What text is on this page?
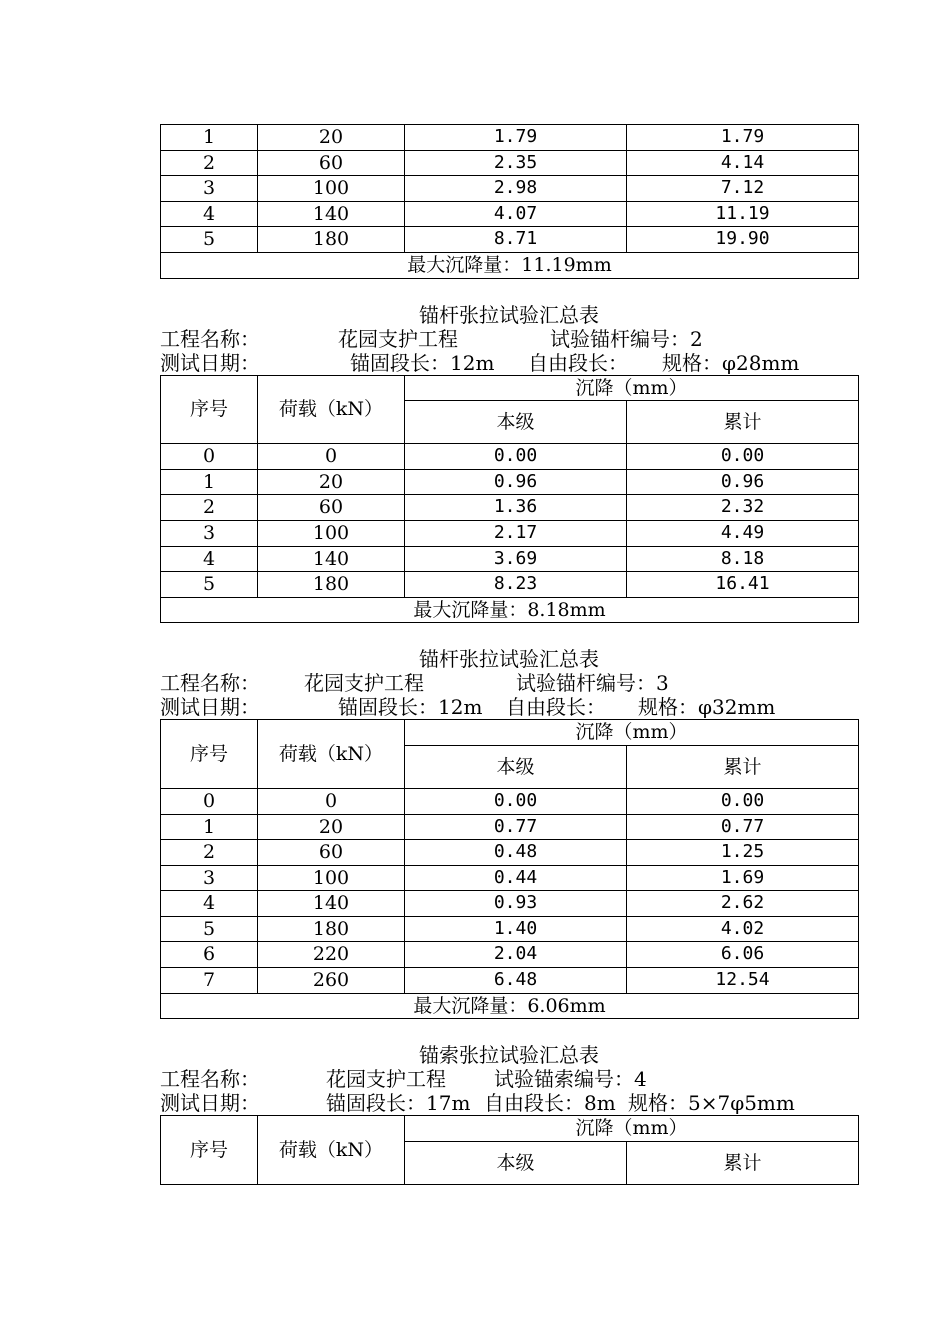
1	20	1.79	1.79
2	60	2.35	4.14
3	100	2.98	7.12
4	140	4.07	11.19
5	180	8.71	19.90
最大沉降量：11.19mm			
锚杆张拉试验汇总表
工程名称：	花园支护工程	试验锚杆编号：2
测试日期：	锚固段长：12m 自由段长： 规格：φ28mm
序号	荷载（kN）	沉降（mm）	
		本级	累计
0	0	0.00	0.00
1	20	0.96	0.96
2	60	1.36	2.32
3	100	2.17	4.49
4	140	3.69	8.18
5	180	8.23	16.41
最大沉降量：8.18mm			
锚杆张拉试验汇总表
工程名称： 花园支护工程	试验锚杆编号：3
测试日期：	锚固段长：12m 自由段长： 规格：φ32mm
序号	荷载（kN）	沉降（mm）	
		本级	累计
0	0	0.00	0.00
1	20	0.77	0.77
2	60	0.48	1.25
3	100	0.44	1.69
4	140	0.93	2.62
5	180	1.40	4.02
6	220	2.04	6.06
7	260	6.48	12.54
最大沉降量：6.06mm			
锚索张拉试验汇总表
工程名称：	花园支护工程 试验锚索编号：4
测试日期：	锚固段长：17m 自由段长：8m 规格：5×7φ5mm
序号	荷载（kN）	沉降（mm）	
		本级	累计
